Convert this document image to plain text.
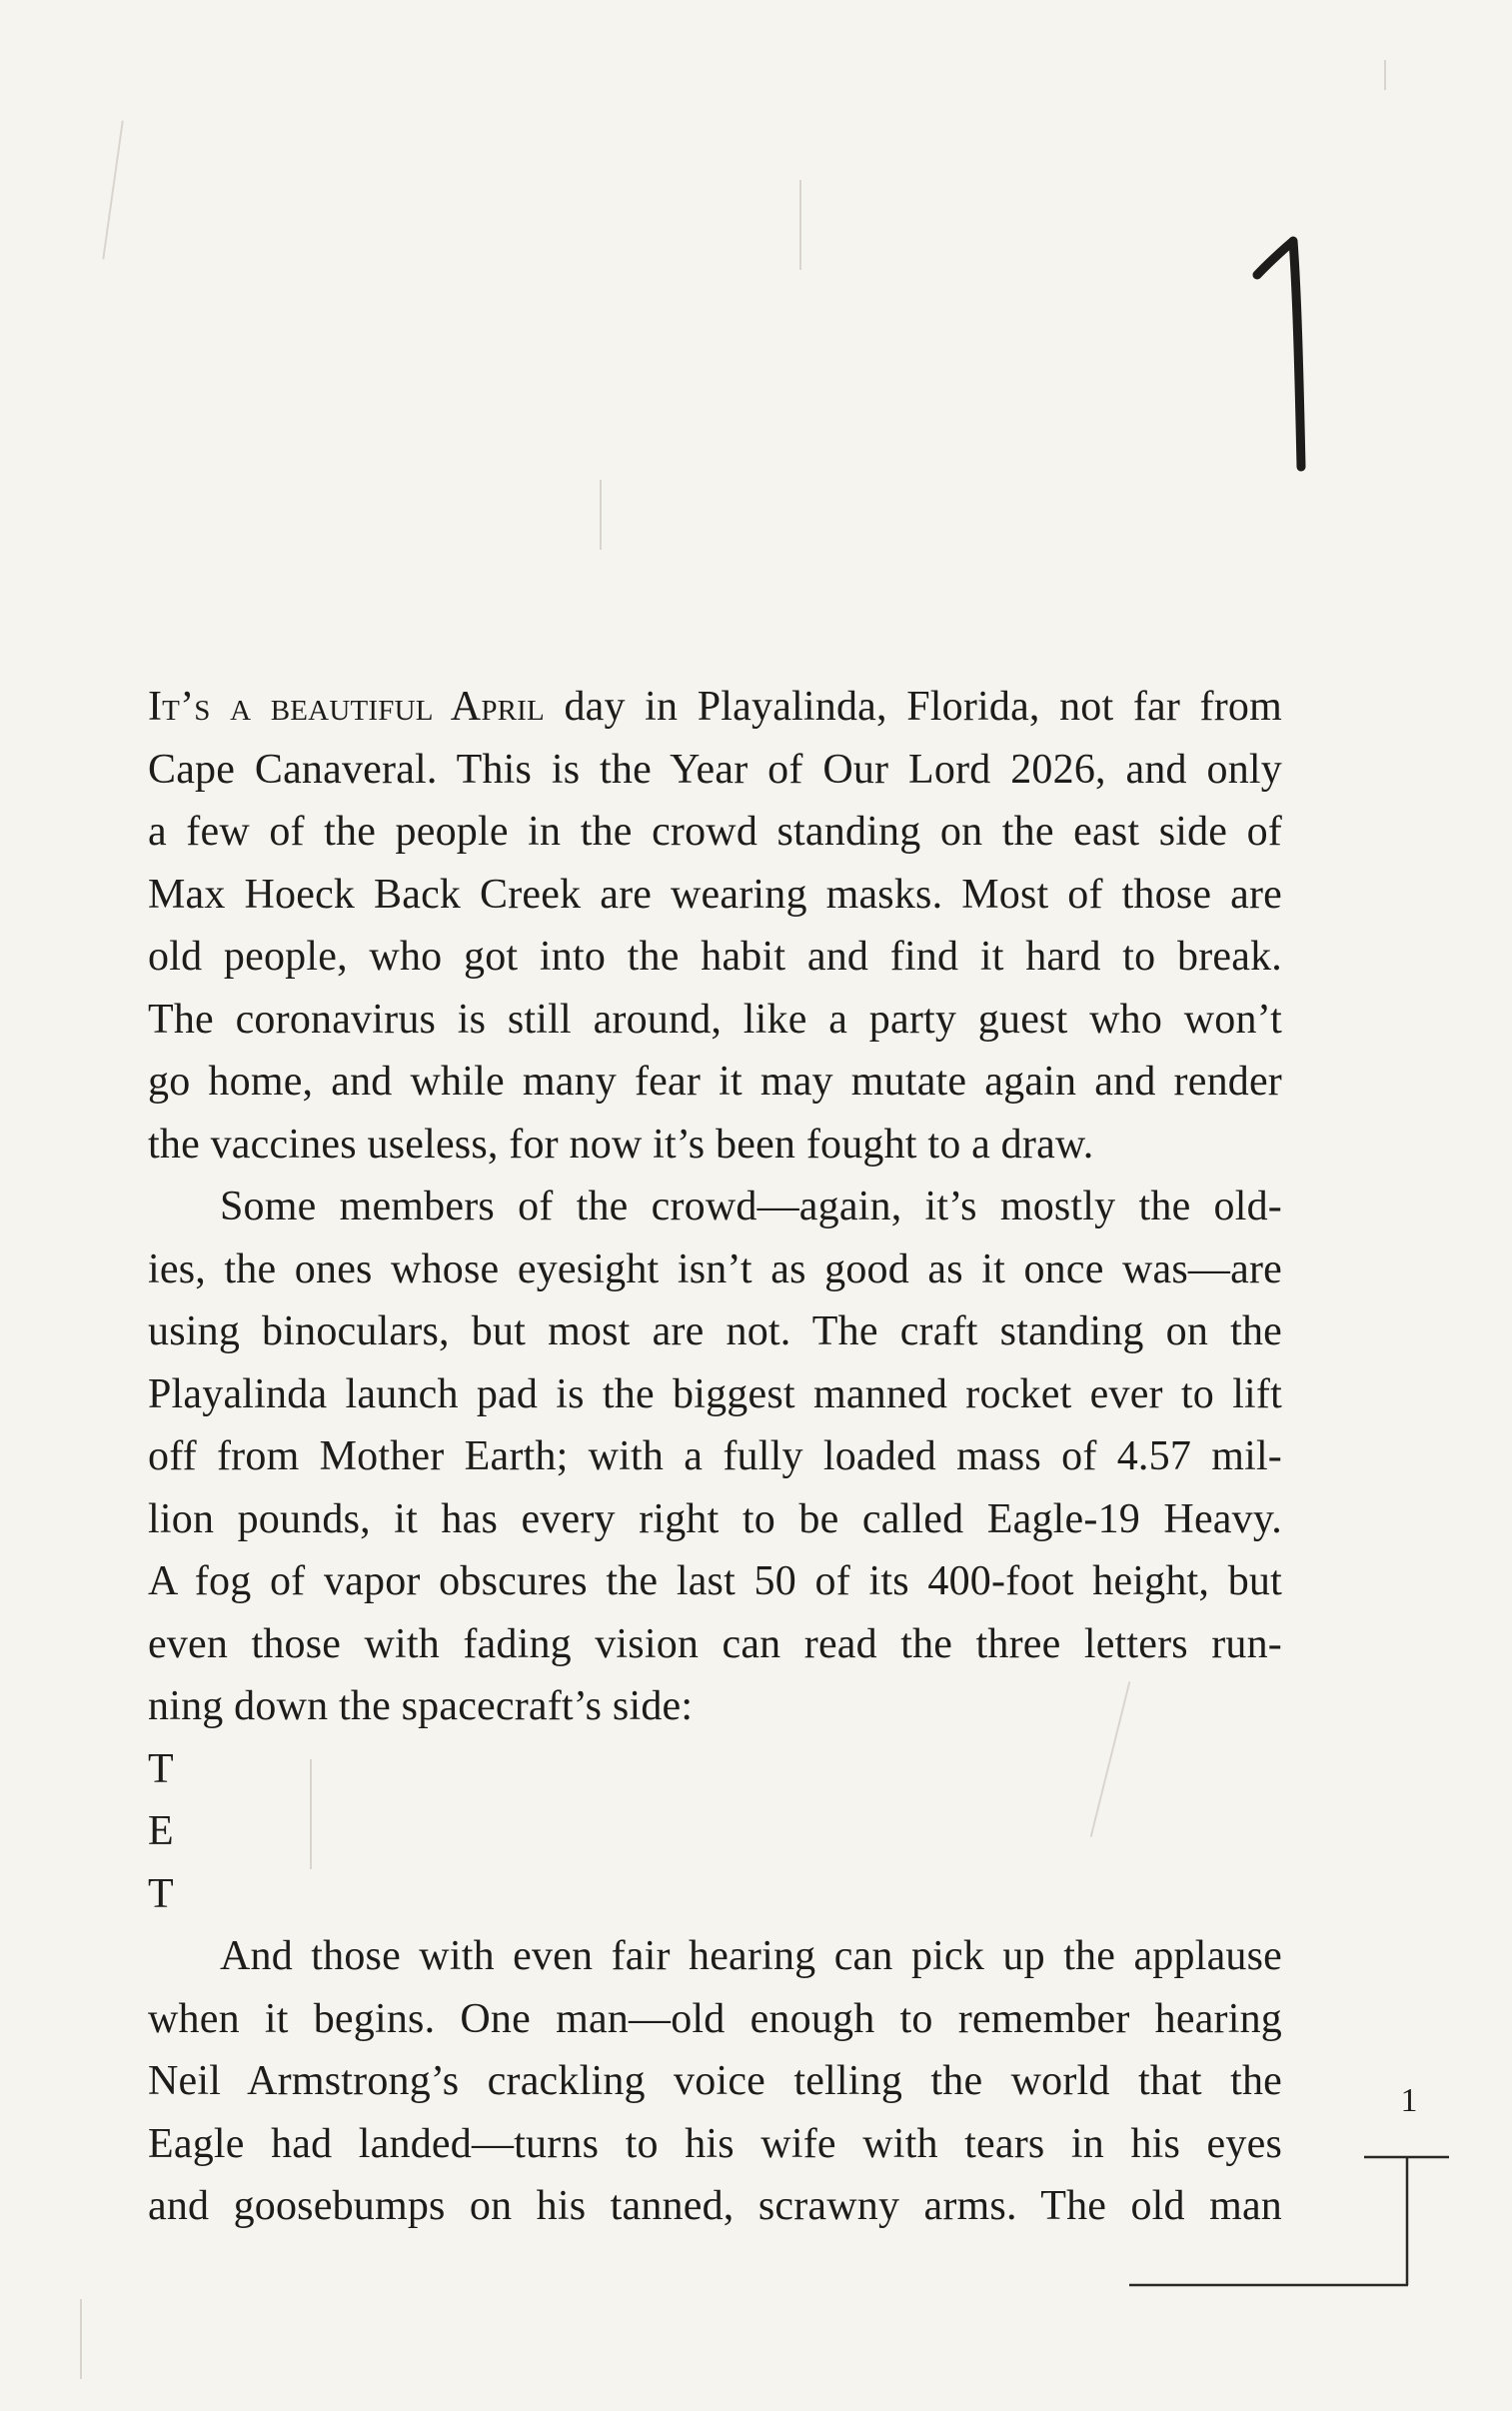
It’s a beautiful April day in Playalinda, Florida, not far from

Cape Canaveral. This is the Year of Our Lord 2026, and only

a few of the people in the crowd standing on the east side of

Max Hoeck Back Creek are wearing masks. Most of those are

old people, who got into the habit and find it hard to break.

The coronavirus is still around, like a party guest who won’t

go home, and while many fear it may mutate again and render

the vaccines useless, for now it’s been fought to a draw.

Some members of the crowd—again, it’s mostly the old-

ies, the ones whose eyesight isn’t as good as it once was—are

using binoculars, but most are not. The craft standing on the

Playalinda launch pad is the biggest manned rocket ever to lift

off from Mother Earth; with a fully loaded mass of 4.57 mil-

lion pounds, it has every right to be called Eagle-19 Heavy.

A fog of vapor obscures the last 50 of its 400-foot height, but

even those with fading vision can read the three letters run-

ning down the spacecraft’s side:

T

E

T

And those with even fair hearing can pick up the applause

when it begins. One man—old enough to remember hearing

Neil Armstrong’s crackling voice telling the world that the

Eagle had landed—turns to his wife with tears in his eyes

and goosebumps on his tanned, scrawny arms. The old man

1
